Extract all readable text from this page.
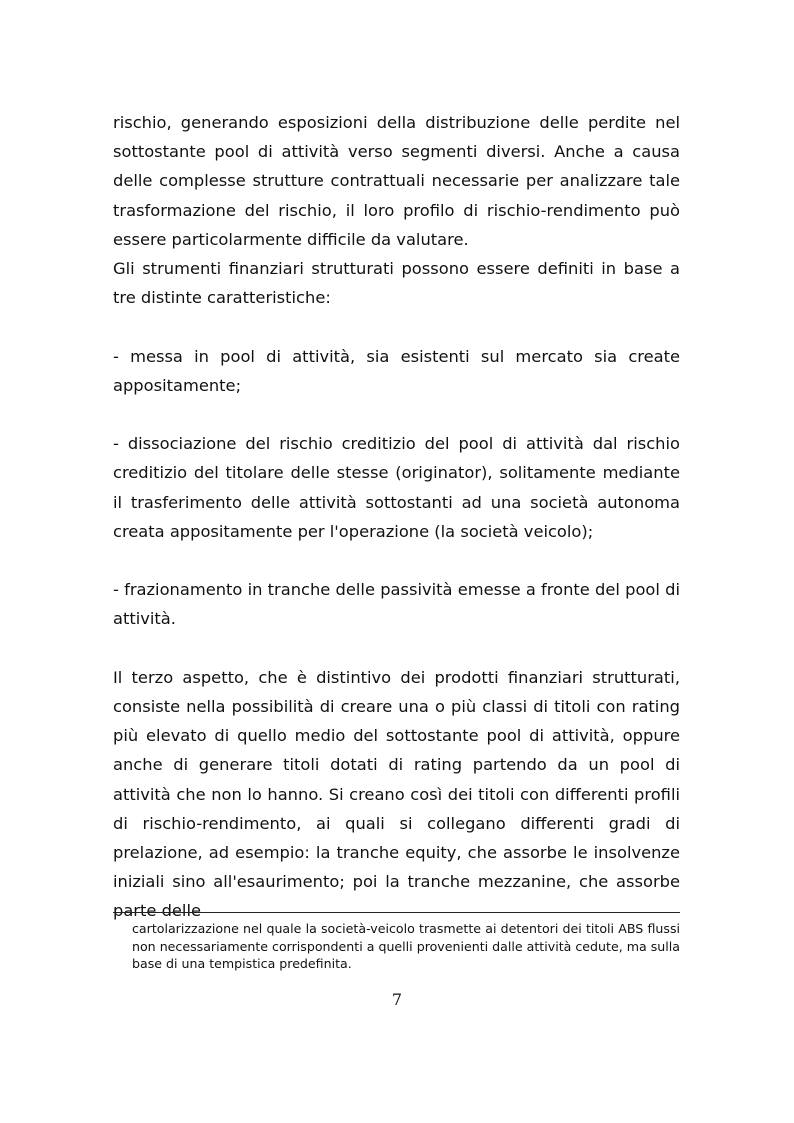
rischio, generando esposizioni della distribuzione delle perdite nel sottostante pool di attività verso segmenti diversi. Anche a causa delle complesse strutture contrattuali necessarie per analizzare tale trasformazione del rischio, il loro profilo di rischio-rendimento può essere particolarmente difficile da valutare.

Gli strumenti finanziari strutturati possono essere definiti in base a tre distinte caratteristiche:

- messa in pool di attività, sia esistenti sul mercato sia create appositamente;

- dissociazione del rischio creditizio del pool di attività dal rischio creditizio del titolare delle stesse (originator), solitamente mediante il trasferimento delle attività sottostanti ad una società autonoma creata appositamente per l'operazione (la società veicolo);

- frazionamento in tranche delle passività emesse a fronte del pool di attività.

Il terzo aspetto, che è distintivo dei prodotti finanziari strutturati, consiste nella possibilità di creare una o più classi di titoli con rating più elevato di quello medio del sottostante pool di attività, oppure anche di generare titoli dotati di rating partendo da un pool di attività che non lo hanno. Si creano così dei titoli con differenti profili di rischio-rendimento, ai quali si collegano differenti gradi di prelazione, ad esempio: la tranche equity, che assorbe le insolvenze iniziali sino all'esaurimento; poi la tranche mezzanine, che assorbe parte delle

cartolarizzazione nel quale la società-veicolo trasmette ai detentori dei titoli ABS flussi non necessariamente corrispondenti a quelli provenienti dalle attività cedute, ma sulla base di una tempistica predefinita.

7
